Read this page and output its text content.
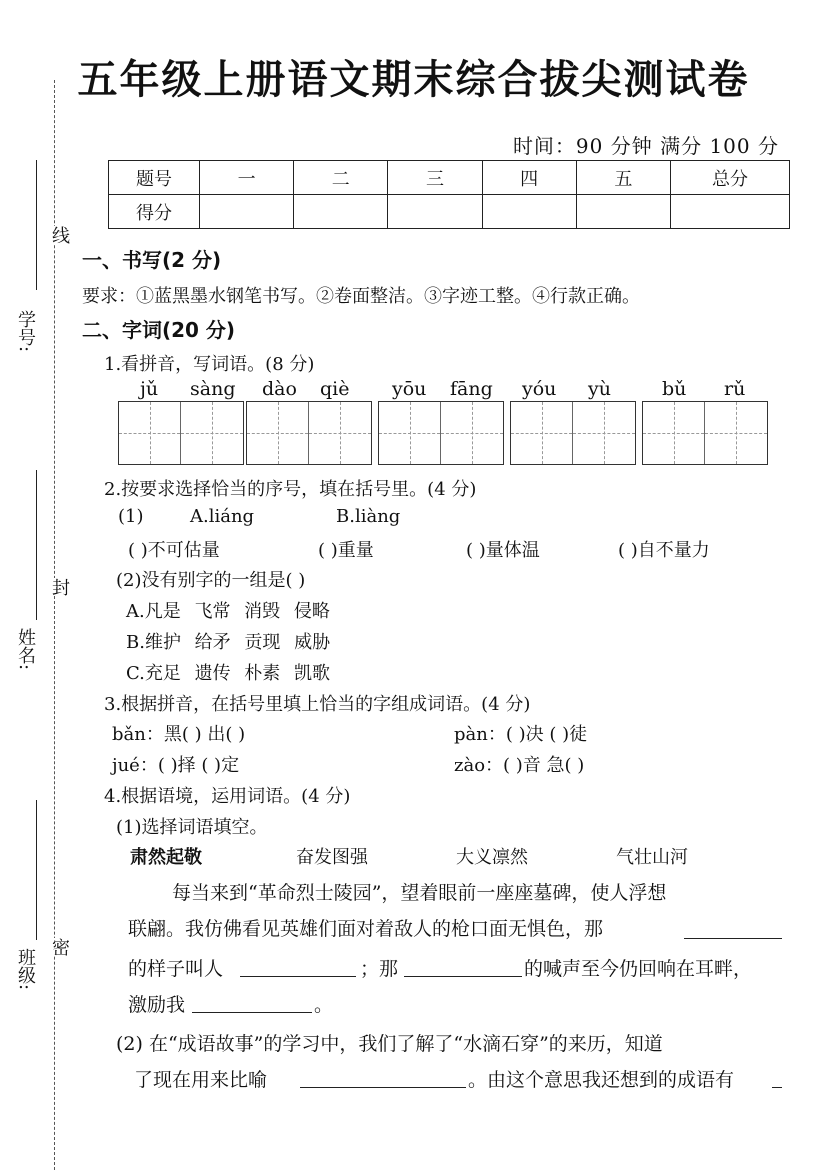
学号:
姓名:
班级:
线
封
密
五年级上册语文期末综合拔尖测试卷
时间：90 分钟 满分 100 分
题号	一	二	三	四	五	总分
得分						
一、书写(2 分)
要求：①蓝黑墨水钢笔书写。②卷面整洁。③字迹工整。④行款正确。
二、字词(20 分)
1.看拼音，写词语。(8 分)
jǔ sàng dào qiè yōu fāng yóu yù	bǔ rǔ
2.按要求选择恰当的序号，填在括号里。(4 分)
(1)	A.liáng	B.liàng
( )不可估量	( )重量	( )量体温	( )自不量力
(2)没有别字的一组是( )
A.凡是 飞常 消毁 侵略
B.维护 给矛 贡现 威胁
C.充足 遗传 朴素 凯歌
3.根据拼音，在括号里填上恰当的字组成词语。(4 分)
bǎn：黑( ) 出( )	pàn：( )决 ( )徒
jué：( )择 ( )定	zào：( )音 急( )
4.根据语境，运用词语。(4 分)
(1)选择词语填空。
肃然起敬	奋发图强	大义凛然	气壮山河
每当来到“革命烈士陵园”，望着眼前一座座墓碑，使人浮想
联翩。我仿佛看见英雄们面对着敌人的枪口面无惧色，那
的样子叫人	；那	的喊声至今仍回响在耳畔，
激励我	。
(2) 在“成语故事”的学习中，我们了解了“水滴石穿”的来历，知道
了现在用来比喻	。由这个意思我还想到的成语有
